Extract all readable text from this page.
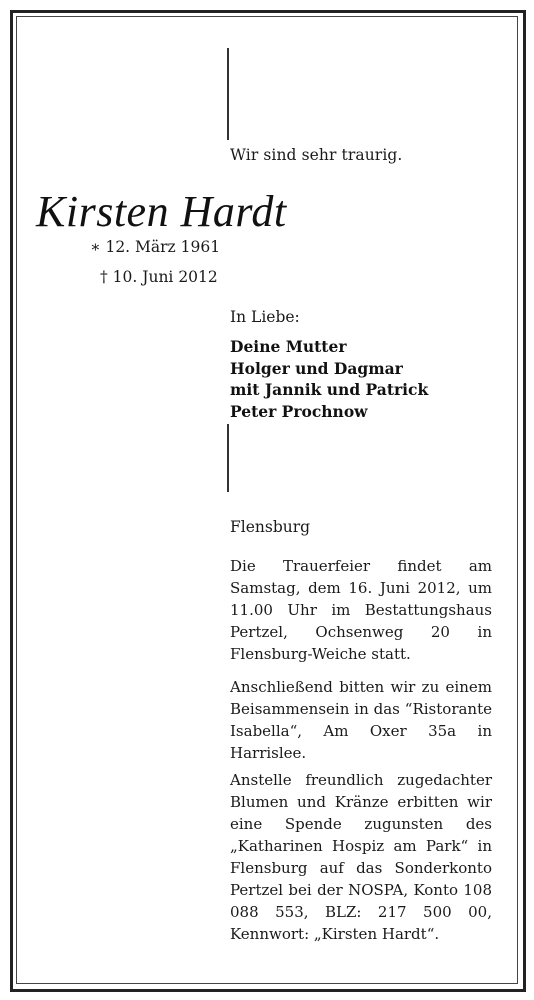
Wir sind sehr traurig.

Kirsten Hardt

∗ 12. März 1961

† 10. Juni 2012

In Liebe:

Deine Mutter
Holger und Dagmar
mit Jannik und Patrick
Peter Prochnow

Flensburg

Die Trauerfeier findet am Samstag, dem 16. Juni 2012, um 11.00 Uhr im Bestattungshaus Pertzel, Ochsenweg 20 in Flensburg-Weiche statt.

Anschließend bitten wir zu einem Beisammensein in das “Ristorante Isabella“, Am Oxer 35a in Harrislee.

Anstelle freundlich zugedachter Blumen und Kränze erbitten wir eine Spende zugunsten des „Katharinen Hospiz am Park“ in Flensburg auf das Sonderkonto Pertzel bei der NOSPA, Konto 108 088 553, BLZ: 217 500 00, Kennwort: „Kirsten Hardt“.
